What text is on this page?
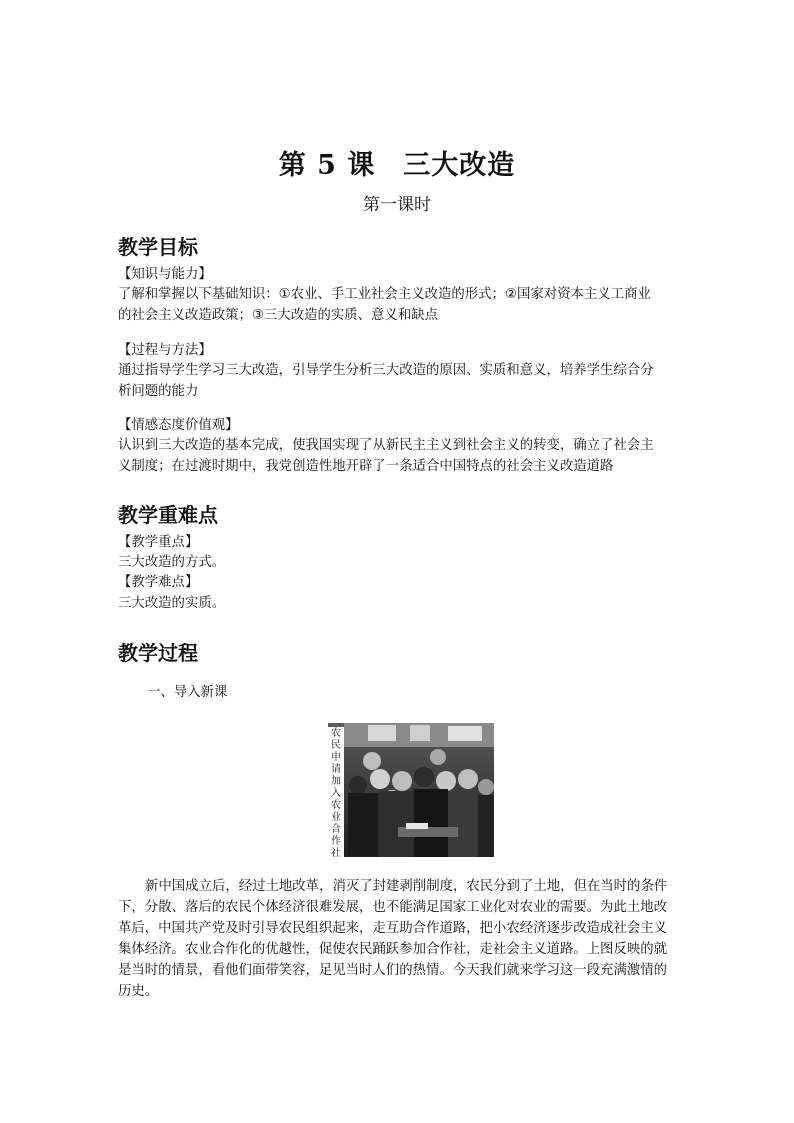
第 5 课　三大改造
第一课时
教学目标
【知识与能力】
了解和掌握以下基础知识：①农业、手工业社会主义改造的形式；②国家对资本主义工商业
的社会主义改造政策；③三大改造的实质、意义和缺点
【过程与方法】
通过指导学生学习三大改造，引导学生分析三大改造的原因、实质和意义，培养学生综合分
析问题的能力
【情感态度价值观】
认识到三大改造的基本完成，使我国实现了从新民主主义到社会主义的转变，确立了社会主
义制度；在过渡时期中，我党创造性地开辟了一条适合中国特点的社会主义改造道路
教学重难点
【教学重点】
三大改造的方式。
【教学难点】
三大改造的实质。
教学过程
一、导入新课
农民申请加入农业合作社
新中国成立后，经过土地改革，消灭了封建剥削制度，农民分到了土地，但在当时的条件下，分散、落后的农民个体经济很难发展，也不能满足国家工业化对农业的需要。为此土地改革后，中国共产党及时引导农民组织起来，走互助合作道路，把小农经济逐步改造成社会主义集体经济。农业合作化的优越性，促使农民踊跃参加合作社，走社会主义道路。上图反映的就是当时的情景，看他们面带笑容，足见当时人们的热情。今天我们就来学习这一段充满激情的历史。
